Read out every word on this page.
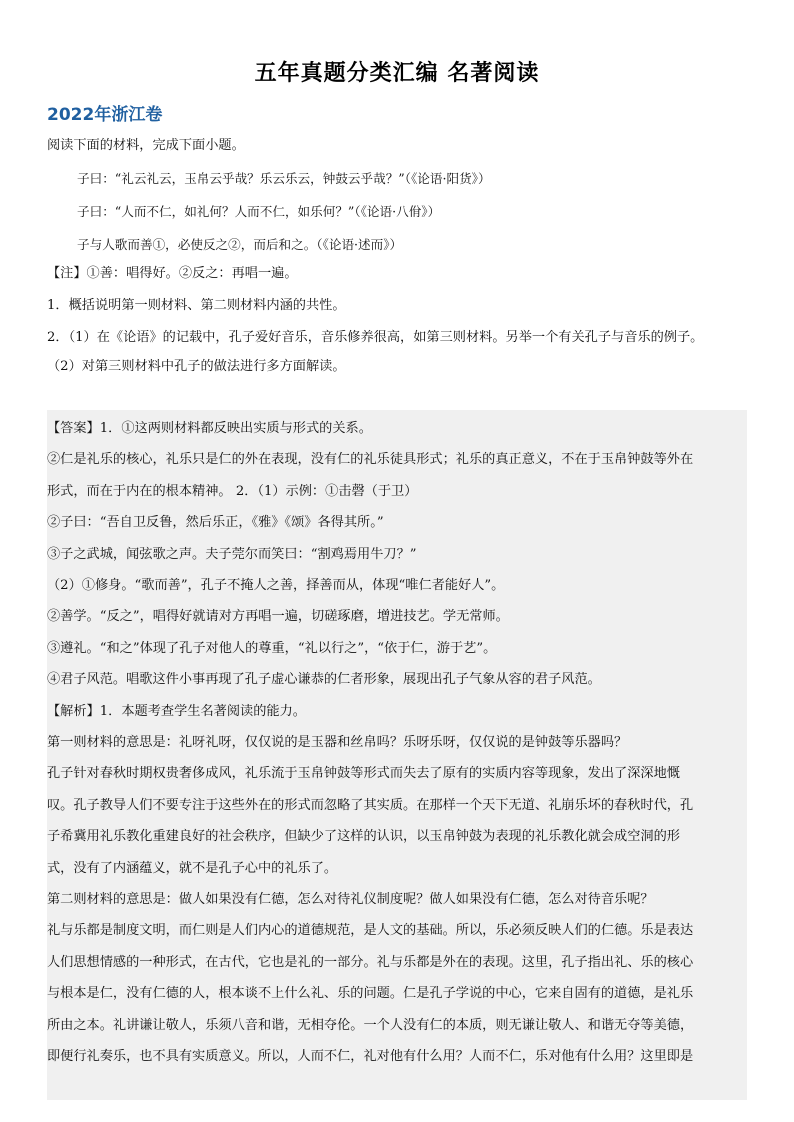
五年真题分类汇编 名著阅读
2022年浙江卷
阅读下面的材料，完成下面小题。
子曰：“礼云礼云，玉帛云乎哉？乐云乐云，钟鼓云乎哉？”（《论语·阳货》）
子曰：“人而不仁，如礼何？人而不仁，如乐何？”（《论语·八佾》）
子与人歌而善①，必使反之②，而后和之。（《论语·述而》）
【注】①善：唱得好。②反之：再唱一遍。
1．概括说明第一则材料、第二则材料内涵的共性。
2．（1）在《论语》的记载中，孔子爱好音乐，音乐修养很高，如第三则材料。另举一个有关孔子与音乐的例子。
（2）对第三则材料中孔子的做法进行多方面解读。
【答案】1．①这两则材料都反映出实质与形式的关系。
②仁是礼乐的核心，礼乐只是仁的外在表现，没有仁的礼乐徒具形式；礼乐的真正意义，不在于玉帛钟鼓等外在
形式，而在于内在的根本精神。 2．（1）示例：①击磬（于卫）
②子曰：“吾自卫反鲁，然后乐正，《雅》《颂》各得其所。”
③子之武城，闻弦歌之声。夫子莞尔而笑曰：“割鸡焉用牛刀？”
（2）①修身。“歌而善”，孔子不掩人之善，择善而从，体现“唯仁者能好人”。
②善学。“反之”，唱得好就请对方再唱一遍，切磋琢磨，增进技艺。学无常师。
③遵礼。“和之”体现了孔子对他人的尊重，“礼以行之”，“依于仁，游于艺”。
④君子风范。唱歌这件小事再现了孔子虚心谦恭的仁者形象，展现出孔子气象从容的君子风范。
【解析】1．本题考查学生名著阅读的能力。
第一则材料的意思是：礼呀礼呀，仅仅说的是玉器和丝帛吗？乐呀乐呀，仅仅说的是钟鼓等乐器吗？
孔子针对春秋时期权贵奢侈成风，礼乐流于玉帛钟鼓等形式而失去了原有的实质内容等现象，发出了深深地慨
叹。孔子教导人们不要专注于这些外在的形式而忽略了其实质。在那样一个天下无道、礼崩乐坏的春秋时代，孔
子希冀用礼乐教化重建良好的社会秩序，但缺少了这样的认识，以玉帛钟鼓为表现的礼乐教化就会成空洞的形
式，没有了内涵蕴义，就不是孔子心中的礼乐了。
第二则材料的意思是：做人如果没有仁德，怎么对待礼仪制度呢？做人如果没有仁德，怎么对待音乐呢？
礼与乐都是制度文明，而仁则是人们内心的道德规范，是人文的基础。所以，乐必须反映人们的仁德。乐是表达
人们思想情感的一种形式，在古代，它也是礼的一部分。礼与乐都是外在的表现。这里，孔子指出礼、乐的核心
与根本是仁，没有仁德的人，根本谈不上什么礼、乐的问题。仁是孔子学说的中心，它来自固有的道德，是礼乐
所由之本。礼讲谦让敬人，乐须八音和谐，无相夺伦。一个人没有仁的本质，则无谦让敬人、和谐无夺等美德，
即便行礼奏乐，也不具有实质意义。所以，人而不仁，礼对他有什么用？人而不仁，乐对他有什么用？这里即是
